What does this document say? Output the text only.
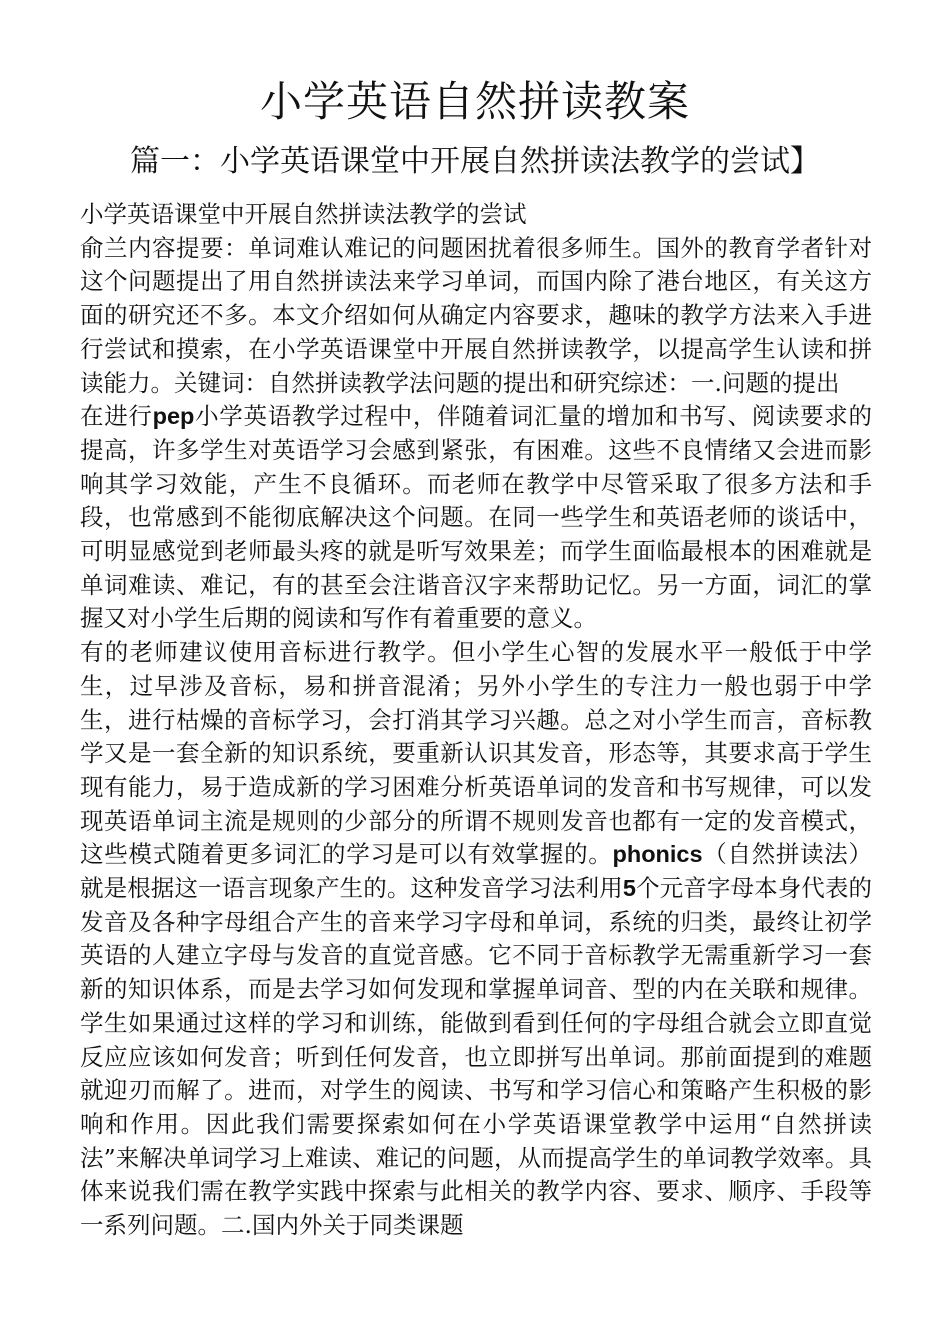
小学英语自然拼读教案
篇一：小学英语课堂中开展自然拼读法教学的尝试】

小学英语课堂中开展自然拼读法教学的尝试

俞兰内容提要：单词难认难记的问题困扰着很多师生。国外的教育学者针对这个问题提出了用自然拼读法来学习单词，而国内除了港台地区，有关这方面的研究还不多。本文介绍如何从确定内容要求，趣味的教学方法来入手进行尝试和摸索，在小学英语课堂中开展自然拼读教学，以提高学生认读和拼读能力。关键词：自然拼读教学法问题的提出和研究综述：一.问题的提出

在进行pep小学英语教学过程中，伴随着词汇量的增加和书写、阅读要求的提高，许多学生对英语学习会感到紧张，有困难。这些不良情绪又会进而影响其学习效能，产生不良循环。而老师在教学中尽管采取了很多方法和手段，也常感到不能彻底解决这个问题。在同一些学生和英语老师的谈话中，可明显感觉到老师最头疼的就是听写效果差；而学生面临最根本的困难就是单词难读、难记，有的甚至会注谐音汉字来帮助记忆。另一方面，词汇的掌握又对小学生后期的阅读和写作有着重要的意义。

有的老师建议使用音标进行教学。但小学生心智的发展水平一般低于中学生，过早涉及音标，易和拼音混淆；另外小学生的专注力一般也弱于中学生，进行枯燥的音标学习，会打消其学习兴趣。总之对小学生而言，音标教学又是一套全新的知识系统，要重新认识其发音，形态等，其要求高于学生现有能力，易于造成新的学习困难分析英语单词的发音和书写规律，可以发现英语单词主流是规则的少部分的所谓不规则发音也都有一定的发音模式，这些模式随着更多词汇的学习是可以有效掌握的。phonics（自然拼读法）就是根据这一语言现象产生的。这种发音学习法利用5个元音字母本身代表的发音及各种字母组合产生的音来学习字母和单词，系统的归类，最终让初学英语的人建立字母与发音的直觉音感。它不同于音标教学无需重新学习一套新的知识体系，而是去学习如何发现和掌握单词音、型的内在关联和规律。学生如果通过这样的学习和训练，能做到看到任何的字母组合就会立即直觉反应应该如何发音；听到任何发音，也立即拼写出单词。那前面提到的难题就迎刃而解了。进而，对学生的阅读、书写和学习信心和策略产生积极的影响和作用。因此我们需要探索如何在小学英语课堂教学中运用“自然拼读法”来解决单词学习上难读、难记的问题，从而提高学生的单词教学效率。具体来说我们需在教学实践中探索与此相关的教学内容、要求、顺序、手段等一系列问题。二.国内外关于同类课题
